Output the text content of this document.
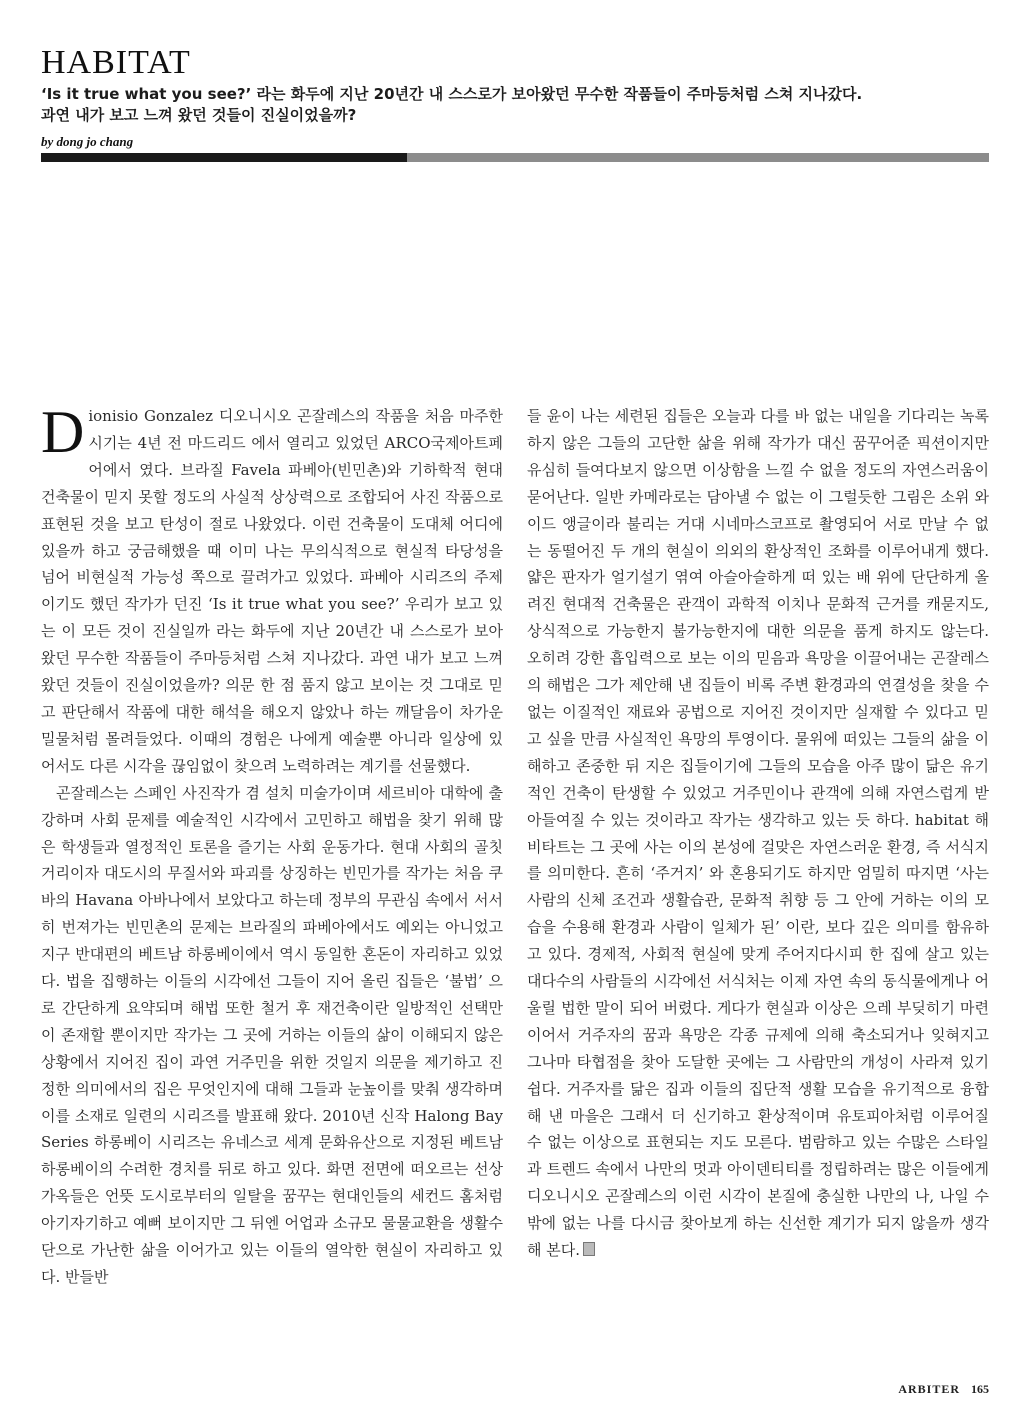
HABITAT

‘Is it true what you see?’ 라는 화두에 지난 20년간 내 스스로가 보아왔던 무수한 작품들이 주마등처럼 스쳐 지나갔다.

과연 내가 보고 느껴 왔던 것들이 진실이었을까?

by dong jo chang

Dionisio Gonzalez 디오니시오 곤잘레스의 작품을 처음 마주한 시기는 4년 전 마드리드 에서 열리고 있었던 ARCO국제아트페어에서 였다. 브라질 Favela 파베아(빈민촌)와 기하학적 현대 건축물이 믿지 못할 정도의 사실적 상상력으로 조합되어 사진 작품으로 표현된 것을 보고 탄성이 절로 나왔었다. 이런 건축물이 도대체 어디에 있을까 하고 궁금해했을 때 이미 나는 무의식적으로 현실적 타당성을 넘어 비현실적 가능성 쪽으로 끌려가고 있었다. 파베아 시리즈의 주제이기도 했던 작가가 던진 ‘Is it true what you see?’ 우리가 보고 있는 이 모든 것이 진실일까 라는 화두에 지난 20년간 내 스스로가 보아왔던 무수한 작품들이 주마등처럼 스쳐 지나갔다. 과연 내가 보고 느껴 왔던 것들이 진실이었을까? 의문 한 점 품지 않고 보이는 것 그대로 믿고 판단해서 작품에 대한 해석을 해오지 않았나 하는 깨달음이 차가운 밀물처럼 몰려들었다. 이때의 경험은 나에게 예술뿐 아니라 일상에 있어서도 다른 시각을 끊임없이 찾으려 노력하려는 계기를 선물했다.

곤잘레스는 스페인 사진작가 겸 설치 미술가이며 세르비아 대학에 출강하며 사회 문제를 예술적인 시각에서 고민하고 해법을 찾기 위해 많은 학생들과 열정적인 토론을 즐기는 사회 운동가다. 현대 사회의 골칫거리이자 대도시의 무질서와 파괴를 상징하는 빈민가를 작가는 처음 쿠바의 Havana 아바나에서 보았다고 하는데 정부의 무관심 속에서 서서히 번져가는 빈민촌의 문제는 브라질의 파베아에서도 예외는 아니었고 지구 반대편의 베트남 하롱베이에서 역시 동일한 혼돈이 자리하고 있었다. 법을 집행하는 이들의 시각에선 그들이 지어 올린 집들은 ‘불법’ 으로 간단하게 요약되며 해법 또한 철거 후 재건축이란 일방적인 선택만이 존재할 뿐이지만 작가는 그 곳에 거하는 이들의 삶이 이해되지 않은 상황에서 지어진 집이 과연 거주민을 위한 것일지 의문을 제기하고 진정한 의미에서의 집은 무엇인지에 대해 그들과 눈높이를 맞춰 생각하며 이를 소재로 일련의 시리즈를 발표해 왔다. 2010년 신작 Halong Bay Series 하롱베이 시리즈는 유네스코 세계 문화유산으로 지정된 베트남 하롱베이의 수려한 경치를 뒤로 하고 있다. 화면 전면에 떠오르는 선상가옥들은 언뜻 도시로부터의 일탈을 꿈꾸는 현대인들의 세컨드 홈처럼 아기자기하고 예뻐 보이지만 그 뒤엔 어업과 소규모 물물교환을 생활수단으로 가난한 삶을 이어가고 있는 이들의 열악한 현실이 자리하고 있다. 반들반

들 윤이 나는 세련된 집들은 오늘과 다를 바 없는 내일을 기다리는 녹록하지 않은 그들의 고단한 삶을 위해 작가가 대신 꿈꾸어준 픽션이지만 유심히 들여다보지 않으면 이상함을 느낄 수 없을 정도의 자연스러움이 묻어난다. 일반 카메라로는 담아낼 수 없는 이 그럴듯한 그림은 소위 와이드 앵글이라 불리는 거대 시네마스코프로 촬영되어 서로 만날 수 없는 동떨어진 두 개의 현실이 의외의 환상적인 조화를 이루어내게 했다. 얇은 판자가 얼기설기 엮여 아슬아슬하게 떠 있는 배 위에 단단하게 올려진 현대적 건축물은 관객이 과학적 이치나 문화적 근거를 캐묻지도, 상식적으로 가능한지 불가능한지에 대한 의문을 품게 하지도 않는다. 오히려 강한 흡입력으로 보는 이의 믿음과 욕망을 이끌어내는 곤잘레스의 해법은 그가 제안해 낸 집들이 비록 주변 환경과의 연결성을 찾을 수 없는 이질적인 재료와 공법으로 지어진 것이지만 실재할 수 있다고 믿고 싶을 만큼 사실적인 욕망의 투영이다. 물위에 떠있는 그들의 삶을 이해하고 존중한 뒤 지은 집들이기에 그들의 모습을 아주 많이 닮은 유기적인 건축이 탄생할 수 있었고 거주민이나 관객에 의해 자연스럽게 받아들여질 수 있는 것이라고 작가는 생각하고 있는 듯 하다. habitat 해비타트는 그 곳에 사는 이의 본성에 걸맞은 자연스러운 환경, 즉 서식지를 의미한다. 흔히 ‘주거지’ 와 혼용되기도 하지만 엄밀히 따지면 ‘사는 사람의 신체 조건과 생활습관, 문화적 취향 등 그 안에 거하는 이의 모습을 수용해 환경과 사람이 일체가 된’ 이란, 보다 깊은 의미를 함유하고 있다. 경제적, 사회적 현실에 맞게 주어지다시피 한 집에 살고 있는 대다수의 사람들의 시각에선 서식처는 이제 자연 속의 동식물에게나 어울릴 법한 말이 되어 버렸다. 게다가 현실과 이상은 으레 부딪히기 마련이어서 거주자의 꿈과 욕망은 각종 규제에 의해 축소되거나 잊혀지고 그나마 타협점을 찾아 도달한 곳에는 그 사람만의 개성이 사라져 있기 쉽다. 거주자를 닮은 집과 이들의 집단적 생활 모습을 유기적으로 융합해 낸 마을은 그래서 더 신기하고 환상적이며 유토피아처럼 이루어질 수 없는 이상으로 표현되는 지도 모른다. 범람하고 있는 수많은 스타일과 트렌드 속에서 나만의 멋과 아이덴티티를 정립하려는 많은 이들에게 디오니시오 곤잘레스의 이런 시각이 본질에 충실한 나만의 나, 나일 수 밖에 없는 나를 다시금 찾아보게 하는 신선한 계기가 되지 않을까 생각해 본다.

ARBITER 165
